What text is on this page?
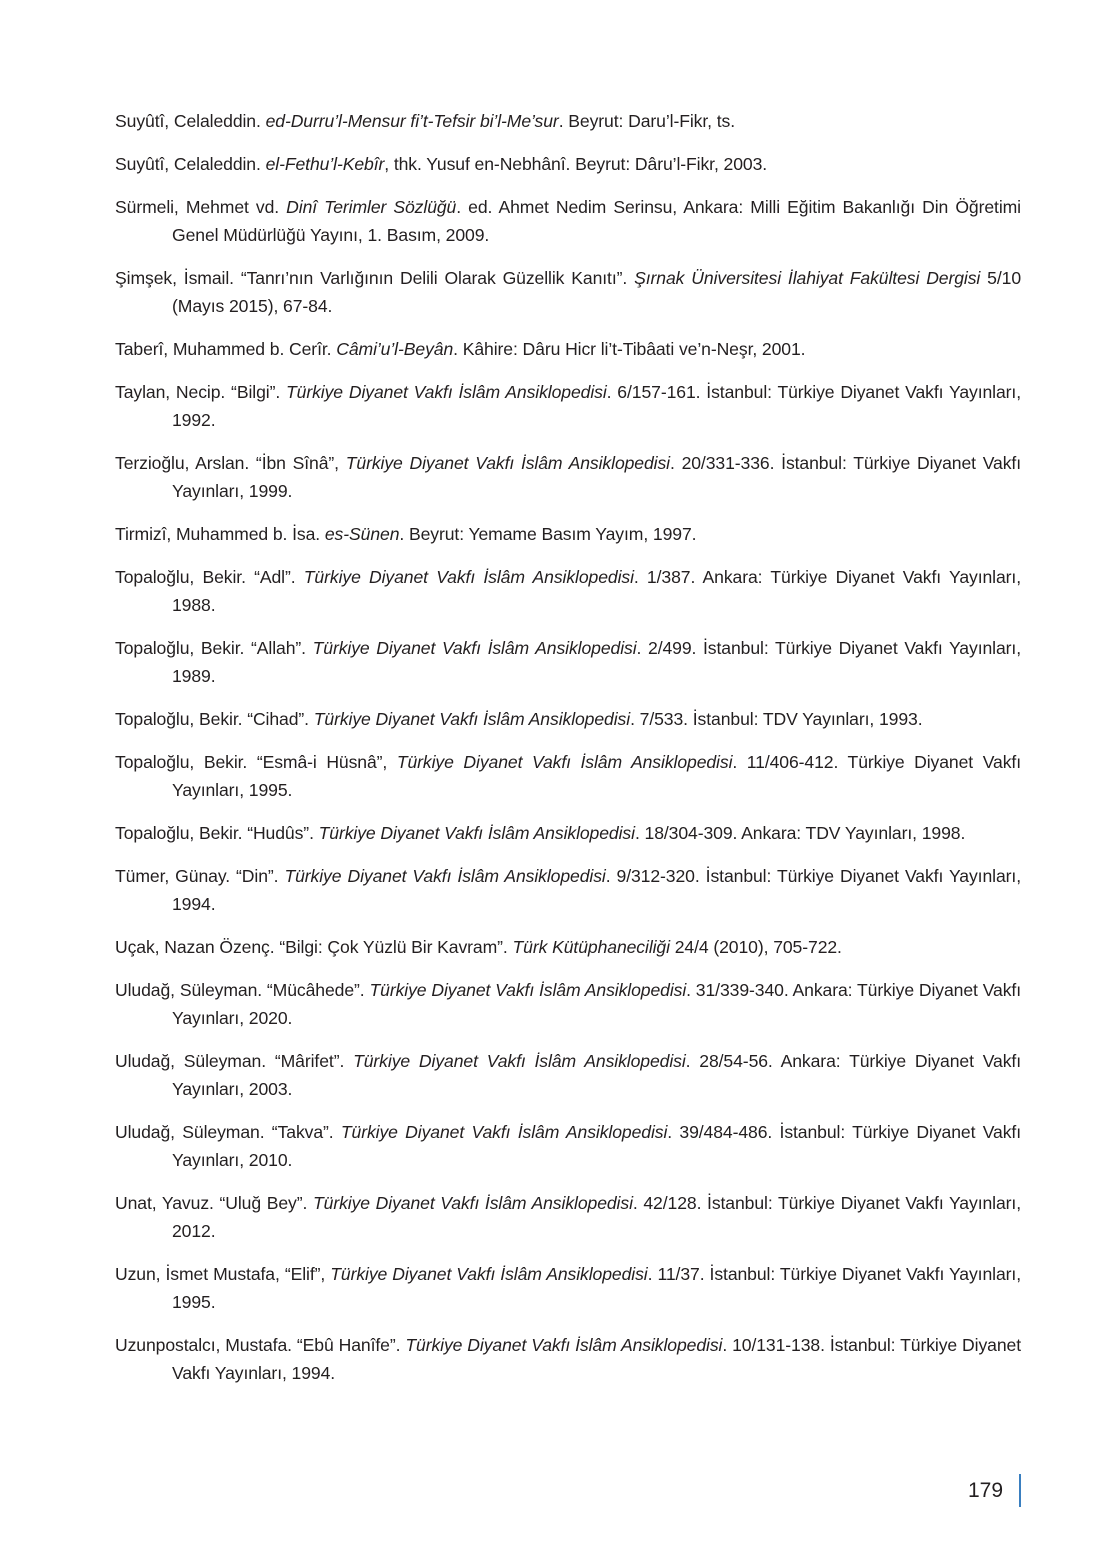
Suyûtî, Celaleddin. ed-Durru’l-Mensur fi’t-Tefsir bi’l-Me’sur. Beyrut: Daru’l-Fikr, ts.

Suyûtî, Celaleddin. el-Fethu’l-Kebîr, thk. Yusuf en-Nebhânî. Beyrut: Dâru’l-Fikr, 2003.

Sürmeli, Mehmet vd. Dinî Terimler Sözlüğü. ed. Ahmet Nedim Serinsu, Ankara: Milli Eğitim Bakanlığı Din Öğretimi Genel Müdürlüğü Yayını, 1. Basım, 2009.

Şimşek, İsmail. “Tanrı’nın Varlığının Delili Olarak Güzellik Kanıtı”. Şırnak Üniversitesi İlahiyat Fakültesi Dergisi 5/10 (Mayıs 2015), 67-84.

Taberî, Muhammed b. Cerîr. Câmi’u’l-Beyân. Kâhire: Dâru Hicr li’t-Tibâati ve’n-Neşr, 2001.

Taylan, Necip. “Bilgi”. Türkiye Diyanet Vakfı İslâm Ansiklopedisi. 6/157-161. İstanbul: Türkiye Diyanet Vakfı Yayınları, 1992.

Terzioğlu, Arslan. “İbn Sînâ”, Türkiye Diyanet Vakfı İslâm Ansiklopedisi. 20/331-336. İstanbul: Türkiye Diyanet Vakfı Yayınları, 1999.

Tirmizî, Muhammed b. İsa. es-Sünen. Beyrut: Yemame Basım Yayım, 1997.

Topaloğlu, Bekir. “Adl”. Türkiye Diyanet Vakfı İslâm Ansiklopedisi. 1/387. Ankara: Türkiye Diyanet Vakfı Yayınları, 1988.

Topaloğlu, Bekir. “Allah”. Türkiye Diyanet Vakfı İslâm Ansiklopedisi. 2/499. İstanbul: Türkiye Diyanet Vakfı Yayınları, 1989.

Topaloğlu, Bekir. “Cihad”. Türkiye Diyanet Vakfı İslâm Ansiklopedisi. 7/533. İstanbul: TDV Yayınları, 1993.

Topaloğlu, Bekir. “Esmâ-i Hüsnâ”, Türkiye Diyanet Vakfı İslâm Ansiklopedisi. 11/406-412. Türkiye Diyanet Vakfı Yayınları, 1995.

Topaloğlu, Bekir. “Hudûs”. Türkiye Diyanet Vakfı İslâm Ansiklopedisi. 18/304-309. Ankara: TDV Yayınları, 1998.

Tümer, Günay. “Din”. Türkiye Diyanet Vakfı İslâm Ansiklopedisi. 9/312-320. İstanbul: Türkiye Diyanet Vakfı Yayınları, 1994.

Uçak, Nazan Özenç. “Bilgi: Çok Yüzlü Bir Kavram”. Türk Kütüphaneciliği 24/4 (2010), 705-722.

Uludağ, Süleyman. “Mücâhede”. Türkiye Diyanet Vakfı İslâm Ansiklopedisi. 31/339-340. Ankara: Türkiye Diyanet Vakfı Yayınları, 2020.

Uludağ, Süleyman. “Mârifet”. Türkiye Diyanet Vakfı İslâm Ansiklopedisi. 28/54-56. Ankara: Türkiye Diyanet Vakfı Yayınları, 2003.

Uludağ, Süleyman. “Takva”. Türkiye Diyanet Vakfı İslâm Ansiklopedisi. 39/484-486. İstanbul: Türkiye Diyanet Vakfı Yayınları, 2010.

Unat, Yavuz. “Uluğ Bey”. Türkiye Diyanet Vakfı İslâm Ansiklopedisi. 42/128. İstanbul: Türkiye Diyanet Vakfı Yayınları, 2012.

Uzun, İsmet Mustafa, “Elif”, Türkiye Diyanet Vakfı İslâm Ansiklopedisi. 11/37. İstanbul: Türkiye Diyanet Vakfı Yayınları, 1995.

Uzunpostalcı, Mustafa. “Ebû Hanîfe”. Türkiye Diyanet Vakfı İslâm Ansiklopedisi. 10/131-138. İstanbul: Türkiye Diyanet Vakfı Yayınları, 1994.

179
